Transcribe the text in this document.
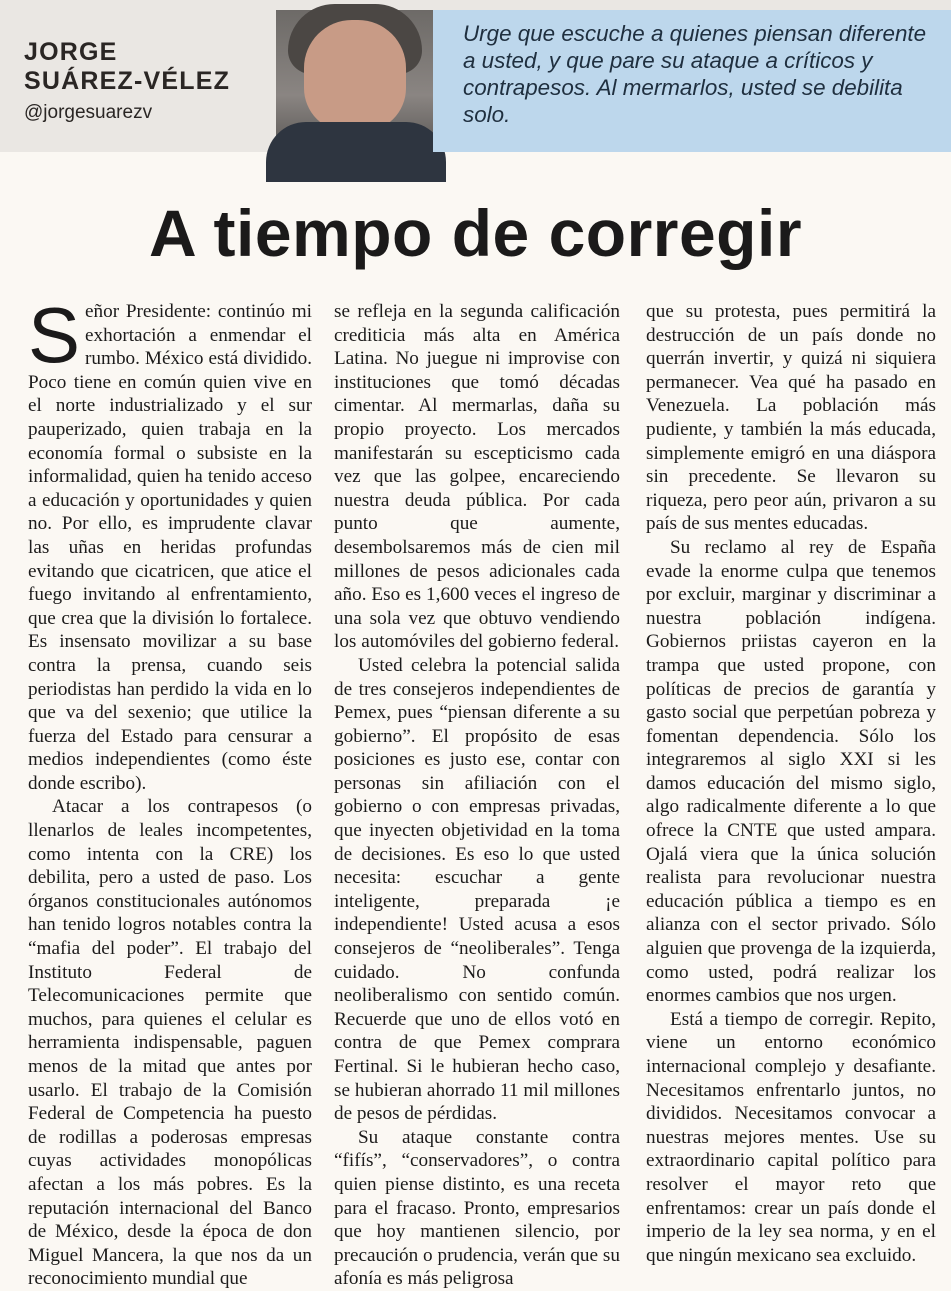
JORGE
SUÁREZ-VÉLEZ
@jorgesuarezv

Urge que escuche a quienes piensan diferente a usted, y que pare su ataque a críticos y contrapesos. Al mermarlos, usted se debilita solo.

A tiempo de corregir

Señor Presidente: continúo mi exhortación a enmendar el rumbo. México está dividido. Poco tiene en común quien vive en el norte industrializado y el sur pauperizado, quien trabaja en la economía formal o subsiste en la informalidad, quien ha tenido acceso a educación y oportunidades y quien no. Por ello, es imprudente clavar las uñas en heridas profundas evitando que cicatricen, que atice el fuego invitando al enfrentamiento, que crea que la división lo fortalece. Es insensato movilizar a su base contra la prensa, cuando seis periodistas han perdido la vida en lo que va del sexenio; que utilice la fuerza del Estado para censurar a medios independientes (como éste donde escribo).

Atacar a los contrapesos (o llenarlos de leales incompetentes, como intenta con la CRE) los debilita, pero a usted de paso. Los órganos constitucionales autónomos han tenido logros notables contra la “mafia del poder”. El trabajo del Instituto Federal de Telecomunicaciones permite que muchos, para quienes el celular es herramienta indispensable, paguen menos de la mitad que antes por usarlo. El trabajo de la Comisión Federal de Competencia ha puesto de rodillas a poderosas empresas cuyas actividades monopólicas afectan a los más pobres. Es la reputación internacional del Banco de México, desde la época de don Miguel Mancera, la que nos da un reconocimiento mundial que

se refleja en la segunda calificación crediticia más alta en América Latina. No juegue ni improvise con instituciones que tomó décadas cimentar. Al mermarlas, daña su propio proyecto. Los mercados manifestarán su escepticismo cada vez que las golpee, encareciendo nuestra deuda pública. Por cada punto que aumente, desembolsaremos más de cien mil millones de pesos adicionales cada año. Eso es 1,600 veces el ingreso de una sola vez que obtuvo vendiendo los automóviles del gobierno federal.

Usted celebra la potencial salida de tres consejeros independientes de Pemex, pues “piensan diferente a su gobierno”. El propósito de esas posiciones es justo ese, contar con personas sin afiliación con el gobierno o con empresas privadas, que inyecten objetividad en la toma de decisiones. Es eso lo que usted necesita: escuchar a gente inteligente, preparada ¡e independiente! Usted acusa a esos consejeros de “neoliberales”. Tenga cuidado. No confunda neoliberalismo con sentido común. Recuerde que uno de ellos votó en contra de que Pemex comprara Fertinal. Si le hubieran hecho caso, se hubieran ahorrado 11 mil millones de pesos de pérdidas.

Su ataque constante contra “fifís”, “conservadores”, o contra quien piense distinto, es una receta para el fracaso. Pronto, empresarios que hoy mantienen silencio, por precaución o prudencia, verán que su afonía es más peligrosa

que su protesta, pues permitirá la destrucción de un país donde no querrán invertir, y quizá ni siquiera permanecer. Vea qué ha pasado en Venezuela. La población más pudiente, y también la más educada, simplemente emigró en una diáspora sin precedente. Se llevaron su riqueza, pero peor aún, privaron a su país de sus mentes educadas.

Su reclamo al rey de España evade la enorme culpa que tenemos por excluir, marginar y discriminar a nuestra población indígena. Gobiernos priistas cayeron en la trampa que usted propone, con políticas de precios de garantía y gasto social que perpetúan pobreza y fomentan dependencia. Sólo los integraremos al siglo XXI si les damos educación del mismo siglo, algo radicalmente diferente a lo que ofrece la CNTE que usted ampara. Ojalá viera que la única solución realista para revolucionar nuestra educación pública a tiempo es en alianza con el sector privado. Sólo alguien que provenga de la izquierda, como usted, podrá realizar los enormes cambios que nos urgen.

Está a tiempo de corregir. Repito, viene un entorno económico internacional complejo y desafiante. Necesitamos enfrentarlo juntos, no divididos. Necesitamos convocar a nuestras mejores mentes. Use su extraordinario capital político para resolver el mayor reto que enfrentamos: crear un país donde el imperio de la ley sea norma, y en el que ningún mexicano sea excluido.
